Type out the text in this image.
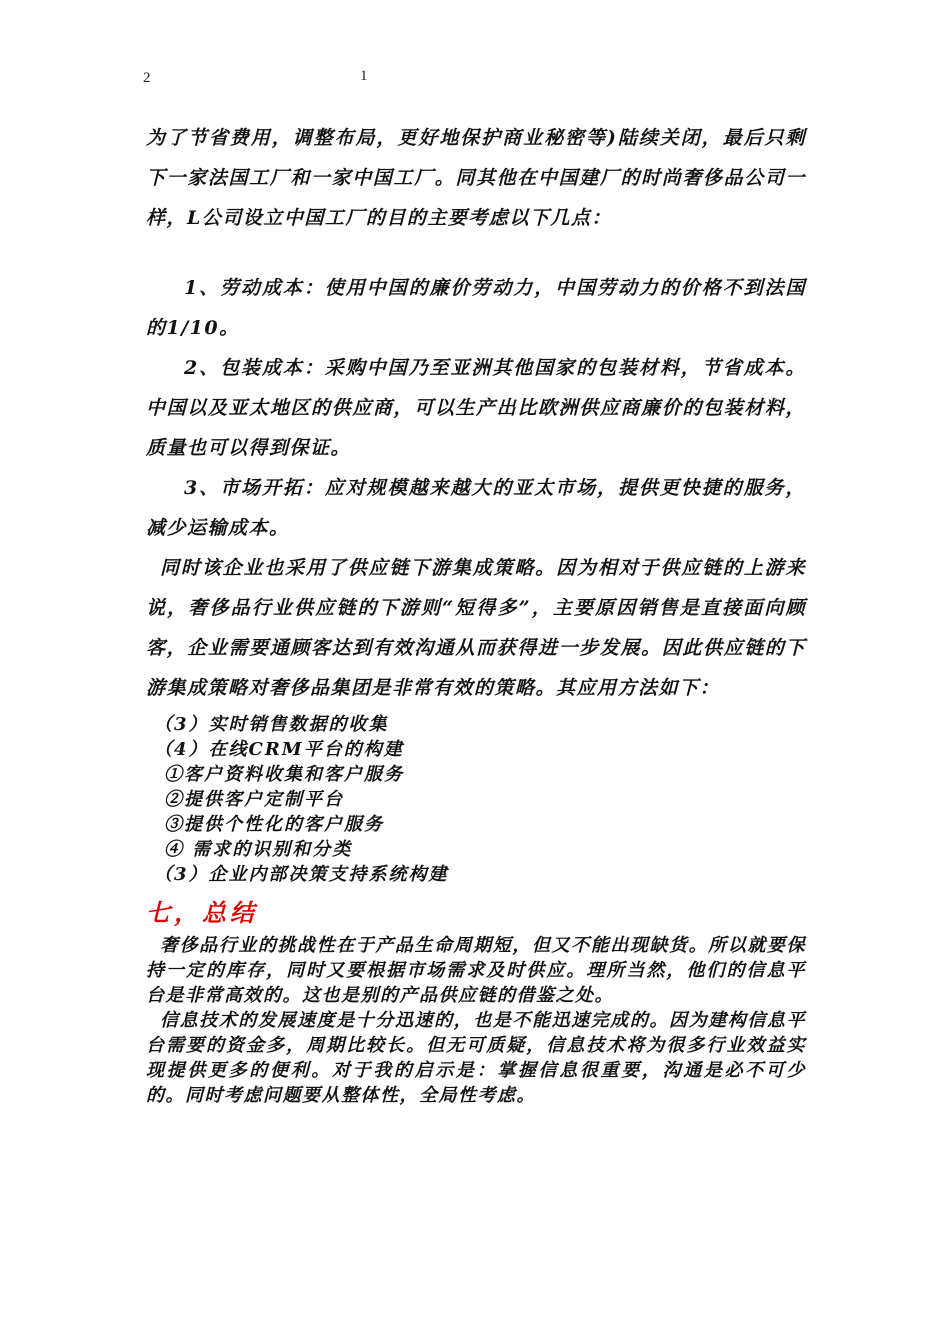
2	1

为了节省费用，调整布局，更好地保护商业秘密等)陆续关闭，最后只剩下一家法国工厂和一家中国工厂。同其他在中国建厂的时尚奢侈品公司一样，L公司设立中国工厂的目的主要考虑以下几点：

1、劳动成本：使用中国的廉价劳动力，中国劳动力的价格不到法国的1/10。

2、包装成本：采购中国乃至亚洲其他国家的包装材料，节省成本。中国以及亚太地区的供应商，可以生产出比欧洲供应商廉价的包装材料，质量也可以得到保证。

3、市场开拓：应对规模越来越大的亚太市场，提供更快捷的服务，减少运输成本。

同时该企业也采用了供应链下游集成策略。因为相对于供应链的上游来说，奢侈品行业供应链的下游则“短得多”，主要原因销售是直接面向顾客，企业需要通顾客达到有效沟通从而获得进一步发展。因此供应链的下游集成策略对奢侈品集团是非常有效的策略。其应用方法如下：

（3）实时销售数据的收集
（4）在线CRM平台的构建
①客户资料收集和客户服务
②提供客户定制平台
③提供个性化的客户服务
④ 需求的识别和分类
（3）企业内部决策支持系统构建
七，总结

奢侈品行业的挑战性在于产品生命周期短，但又不能出现缺货。所以就要保持一定的库存，同时又要根据市场需求及时供应。理所当然，他们的信息平台是非常高效的。这也是别的产品供应链的借鉴之处。

信息技术的发展速度是十分迅速的，也是不能迅速完成的。因为建构信息平台需要的资金多，周期比较长。但无可质疑，信息技术将为很多行业效益实现提供更多的便利。对于我的启示是：掌握信息很重要，沟通是必不可少的。同时考虑问题要从整体性，全局性考虑。
